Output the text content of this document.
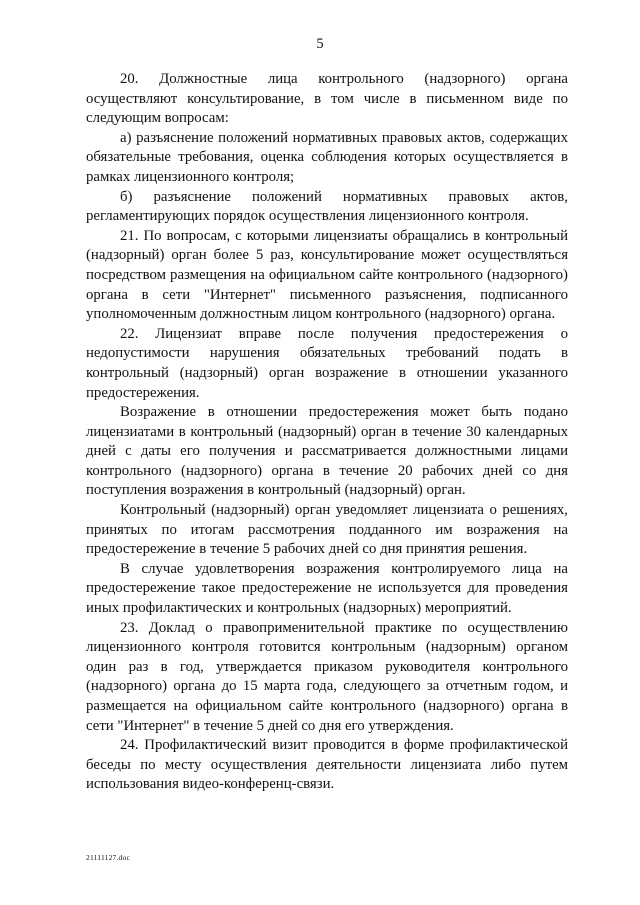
5

20. Должностные лица контрольного (надзорного) органа осуществляют консультирование, в том числе в письменном виде по следующим вопросам:

а) разъяснение положений нормативных правовых актов, содержащих обязательные требования, оценка соблюдения которых осуществляется в рамках лицензионного контроля;

б) разъяснение положений нормативных правовых актов, регламентирующих порядок осуществления лицензионного контроля.

21. По вопросам, с которыми лицензиаты обращались в контрольный (надзорный) орган более 5 раз, консультирование может осуществляться посредством размещения на официальном сайте контрольного (надзорного) органа в сети "Интернет" письменного разъяснения, подписанного уполномоченным должностным лицом контрольного (надзорного) органа.

22. Лицензиат вправе после получения предостережения о недопустимости нарушения обязательных требований подать в контрольный (надзорный) орган возражение в отношении указанного предостережения.

Возражение в отношении предостережения может быть подано лицензиатами в контрольный (надзорный) орган в течение 30 календарных дней с даты его получения и рассматривается должностными лицами контрольного (надзорного) органа в течение 20 рабочих дней со дня поступления возражения в контрольный (надзорный) орган.

Контрольный (надзорный) орган уведомляет лицензиата о решениях, принятых по итогам рассмотрения подданного им возражения на предостережение в течение 5 рабочих дней со дня принятия решения.

В случае удовлетворения возражения контролируемого лица на предостережение такое предостережение не используется для проведения иных профилактических и контрольных (надзорных) мероприятий.

23. Доклад о правоприменительной практике по осуществлению лицензионного контроля готовится контрольным (надзорным) органом один раз в год, утверждается приказом руководителя контрольного (надзорного) органа до 15 марта года, следующего за отчетным годом, и размещается на официальном сайте контрольного (надзорного) органа в сети "Интернет" в течение 5 дней со дня его утверждения.

24. Профилактический визит проводится в форме профилактической беседы по месту осуществления деятельности лицензиата либо путем использования видео-конференц-связи.

21111127.doc
